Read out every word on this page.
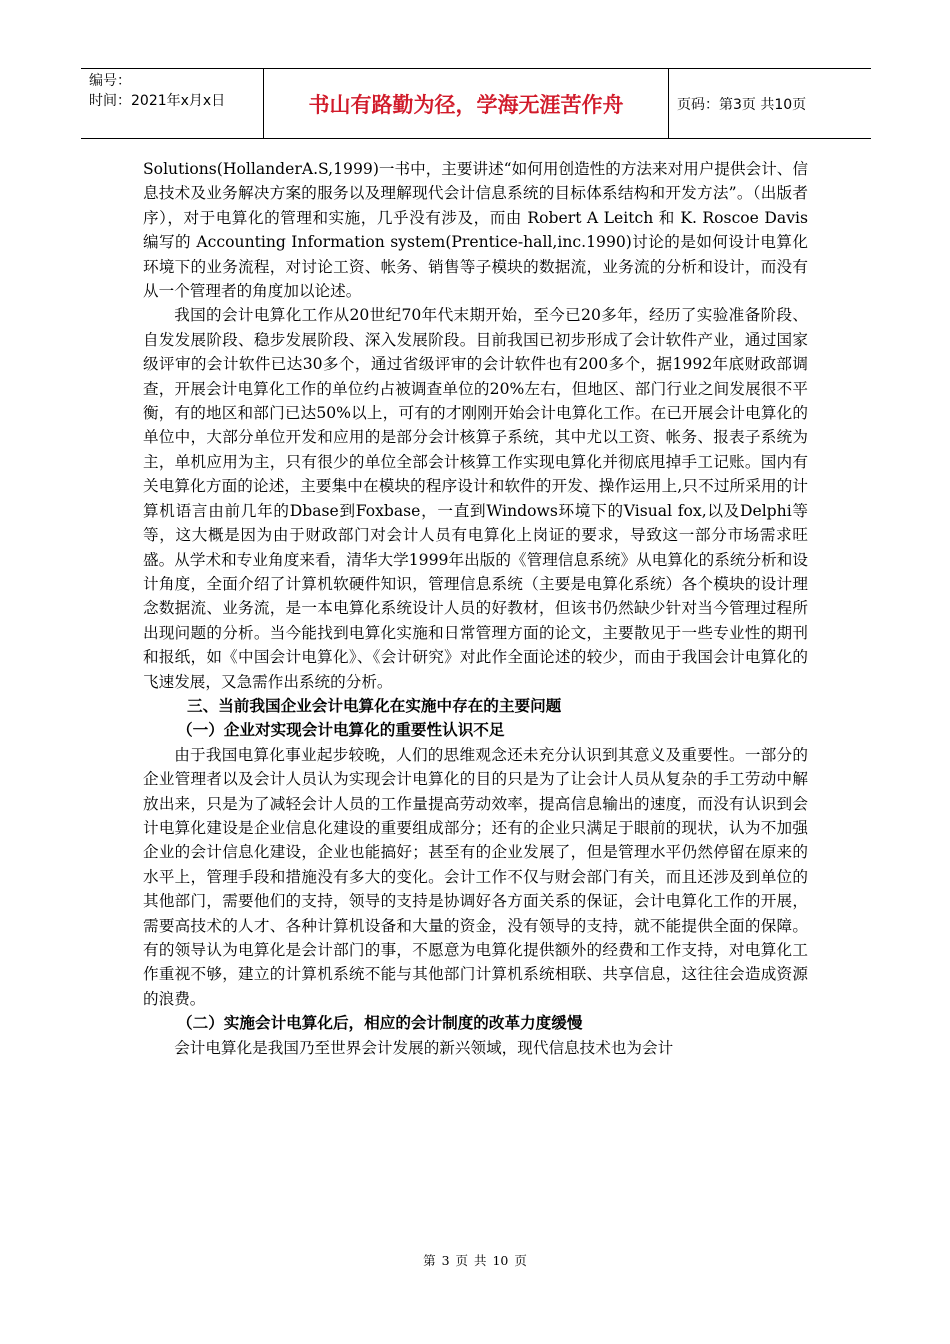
编号：
时间：2021年x月x日	书山有路勤为径，学海无涯苦作舟	页码：第3页 共10页

Solutions(HollanderA.S,1999)一书中，主要讲述“如何用创造性的方法来对用户提供会计、信息技术及业务解决方案的服务以及理解现代会计信息系统的目标体系结构和开发方法”。（出版者序），对于电算化的管理和实施，几乎没有涉及，而由 Robert A Leitch 和 K. Roscoe Davis 编写的 Accounting Information system(Prentice-hall,inc.1990)讨论的是如何设计电算化环境下的业务流程，对讨论工资、帐务、销售等子模块的数据流，业务流的分析和设计，而没有从一个管理者的角度加以论述。

我国的会计电算化工作从20世纪70年代末期开始，至今已20多年，经历了实验准备阶段、自发发展阶段、稳步发展阶段、深入发展阶段。目前我国已初步形成了会计软件产业，通过国家级评审的会计软件已达30多个，通过省级评审的会计软件也有200多个，据1992年底财政部调查，开展会计电算化工作的单位约占被调查单位的20%左右，但地区、部门行业之间发展很不平衡，有的地区和部门已达50%以上，可有的才刚刚开始会计电算化工作。在已开展会计电算化的单位中，大部分单位开发和应用的是部分会计核算子系统，其中尤以工资、帐务、报表子系统为主，单机应用为主，只有很少的单位全部会计核算工作实现电算化并彻底甩掉手工记账。国内有关电算化方面的论述，主要集中在模块的程序设计和软件的开发、操作运用上,只不过所采用的计算机语言由前几年的Dbase到Foxbase，一直到Windows环境下的Visual fox,以及Delphi等等，这大概是因为由于财政部门对会计人员有电算化上岗证的要求，导致这一部分市场需求旺盛。从学术和专业角度来看，清华大学1999年出版的《管理信息系统》从电算化的系统分析和设计角度，全面介绍了计算机软硬件知识，管理信息系统（主要是电算化系统）各个模块的设计理念数据流、业务流，是一本电算化系统设计人员的好教材，但该书仍然缺少针对当今管理过程所出现问题的分析。当今能找到电算化实施和日常管理方面的论文，主要散见于一些专业性的期刊和报纸，如《中国会计电算化》、《会计研究》对此作全面论述的较少，而由于我国会计电算化的飞速发展，又急需作出系统的分析。

三、当前我国企业会计电算化在实施中存在的主要问题
（一）企业对实现会计电算化的重要性认识不足

由于我国电算化事业起步较晚，人们的思维观念还未充分认识到其意义及重要性。一部分的企业管理者以及会计人员认为实现会计电算化的目的只是为了让会计人员从复杂的手工劳动中解放出来，只是为了减轻会计人员的工作量提高劳动效率，提高信息输出的速度，而没有认识到会计电算化建设是企业信息化建设的重要组成部分；还有的企业只满足于眼前的现状，认为不加强企业的会计信息化建设，企业也能搞好；甚至有的企业发展了，但是管理水平仍然停留在原来的水平上，管理手段和措施没有多大的变化。会计工作不仅与财会部门有关，而且还涉及到单位的其他部门，需要他们的支持，领导的支持是协调好各方面关系的保证，会计电算化工作的开展，需要高技术的人才、各种计算机设备和大量的资金，没有领导的支持，就不能提供全面的保障。有的领导认为电算化是会计部门的事，不愿意为电算化提供额外的经费和工作支持，对电算化工作重视不够，建立的计算机系统不能与其他部门计算机系统相联、共享信息，这往往会造成资源的浪费。

（二）实施会计电算化后，相应的会计制度的改革力度缓慢

会计电算化是我国乃至世界会计发展的新兴领域，现代信息技术也为会计

第 3 页 共 10 页
